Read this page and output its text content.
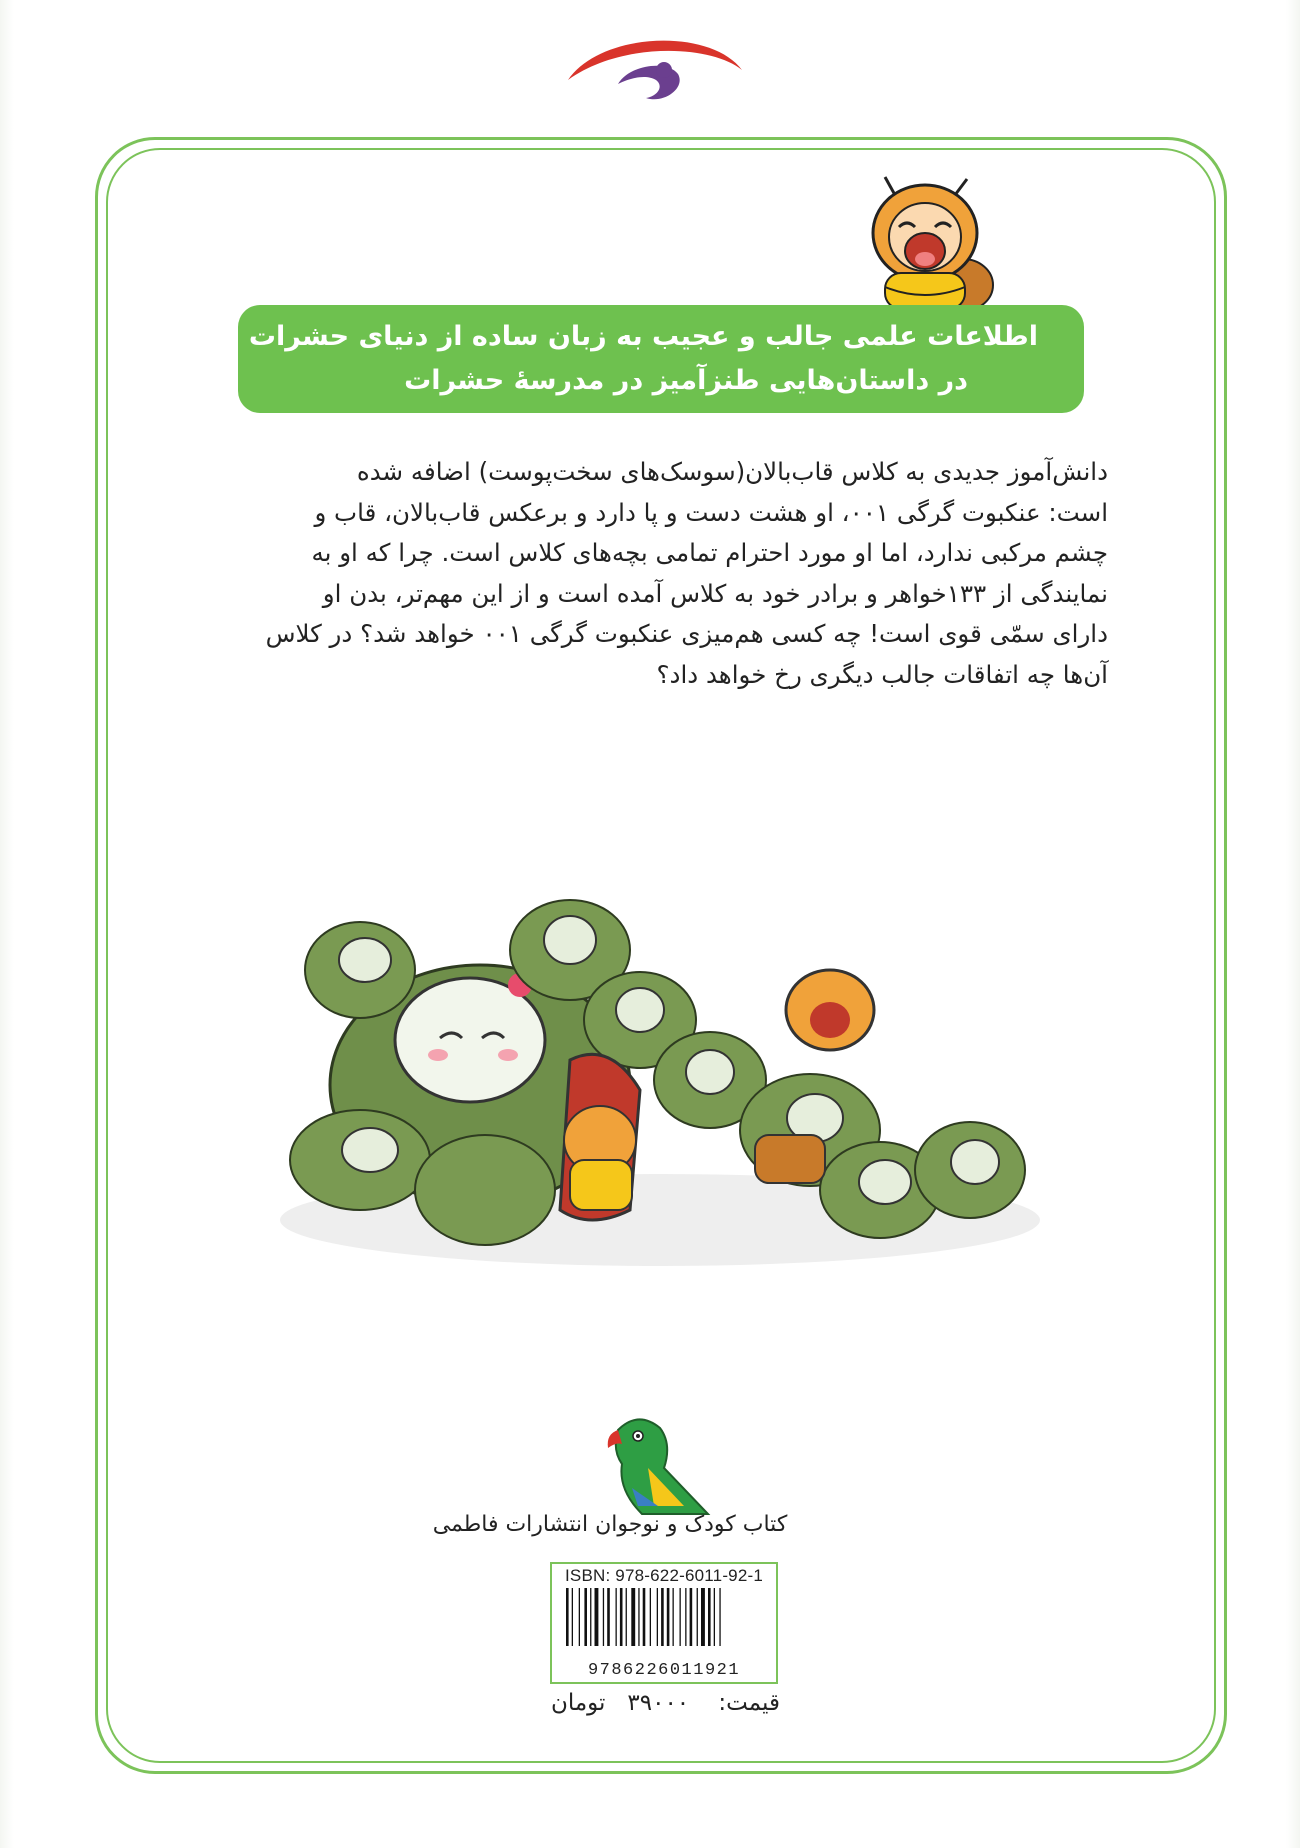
اطلاعات علمی جالب و عجیب به زبان ساده از دنیای حشرات
در داستان‌هایی طنزآمیز در مدرسهٔ حشرات
دانش‌آموز جدیدی به کلاس قاب‌بالان(سوسک‌های سخت‌پوست) اضافه شده
است: عنکبوت گرگی ۰۰۱، او هشت دست و پا دارد و برعکس قاب‌بالان، قاب و
چشم مرکبی ندارد، اما او مورد احترام تمامی بچه‌های کلاس است. چرا که او به
نمایندگی از ۱۳۳خواهر و برادر خود به کلاس آمده است و از این مهم‌تر، بدن او
دارای سمّی قوی است! چه کسی هم‌میزی عنکبوت گرگی ۰۰۱ خواهد شد؟ در کلاس
آن‌ها چه اتفاقات جالب دیگری رخ خواهد داد؟
کتاب کودک و نوجوان انتشارات فاطمی
ISBN: 978-622-6011-92-1
9786226011921
قیمت:    ۳۹۰۰۰   تومان
